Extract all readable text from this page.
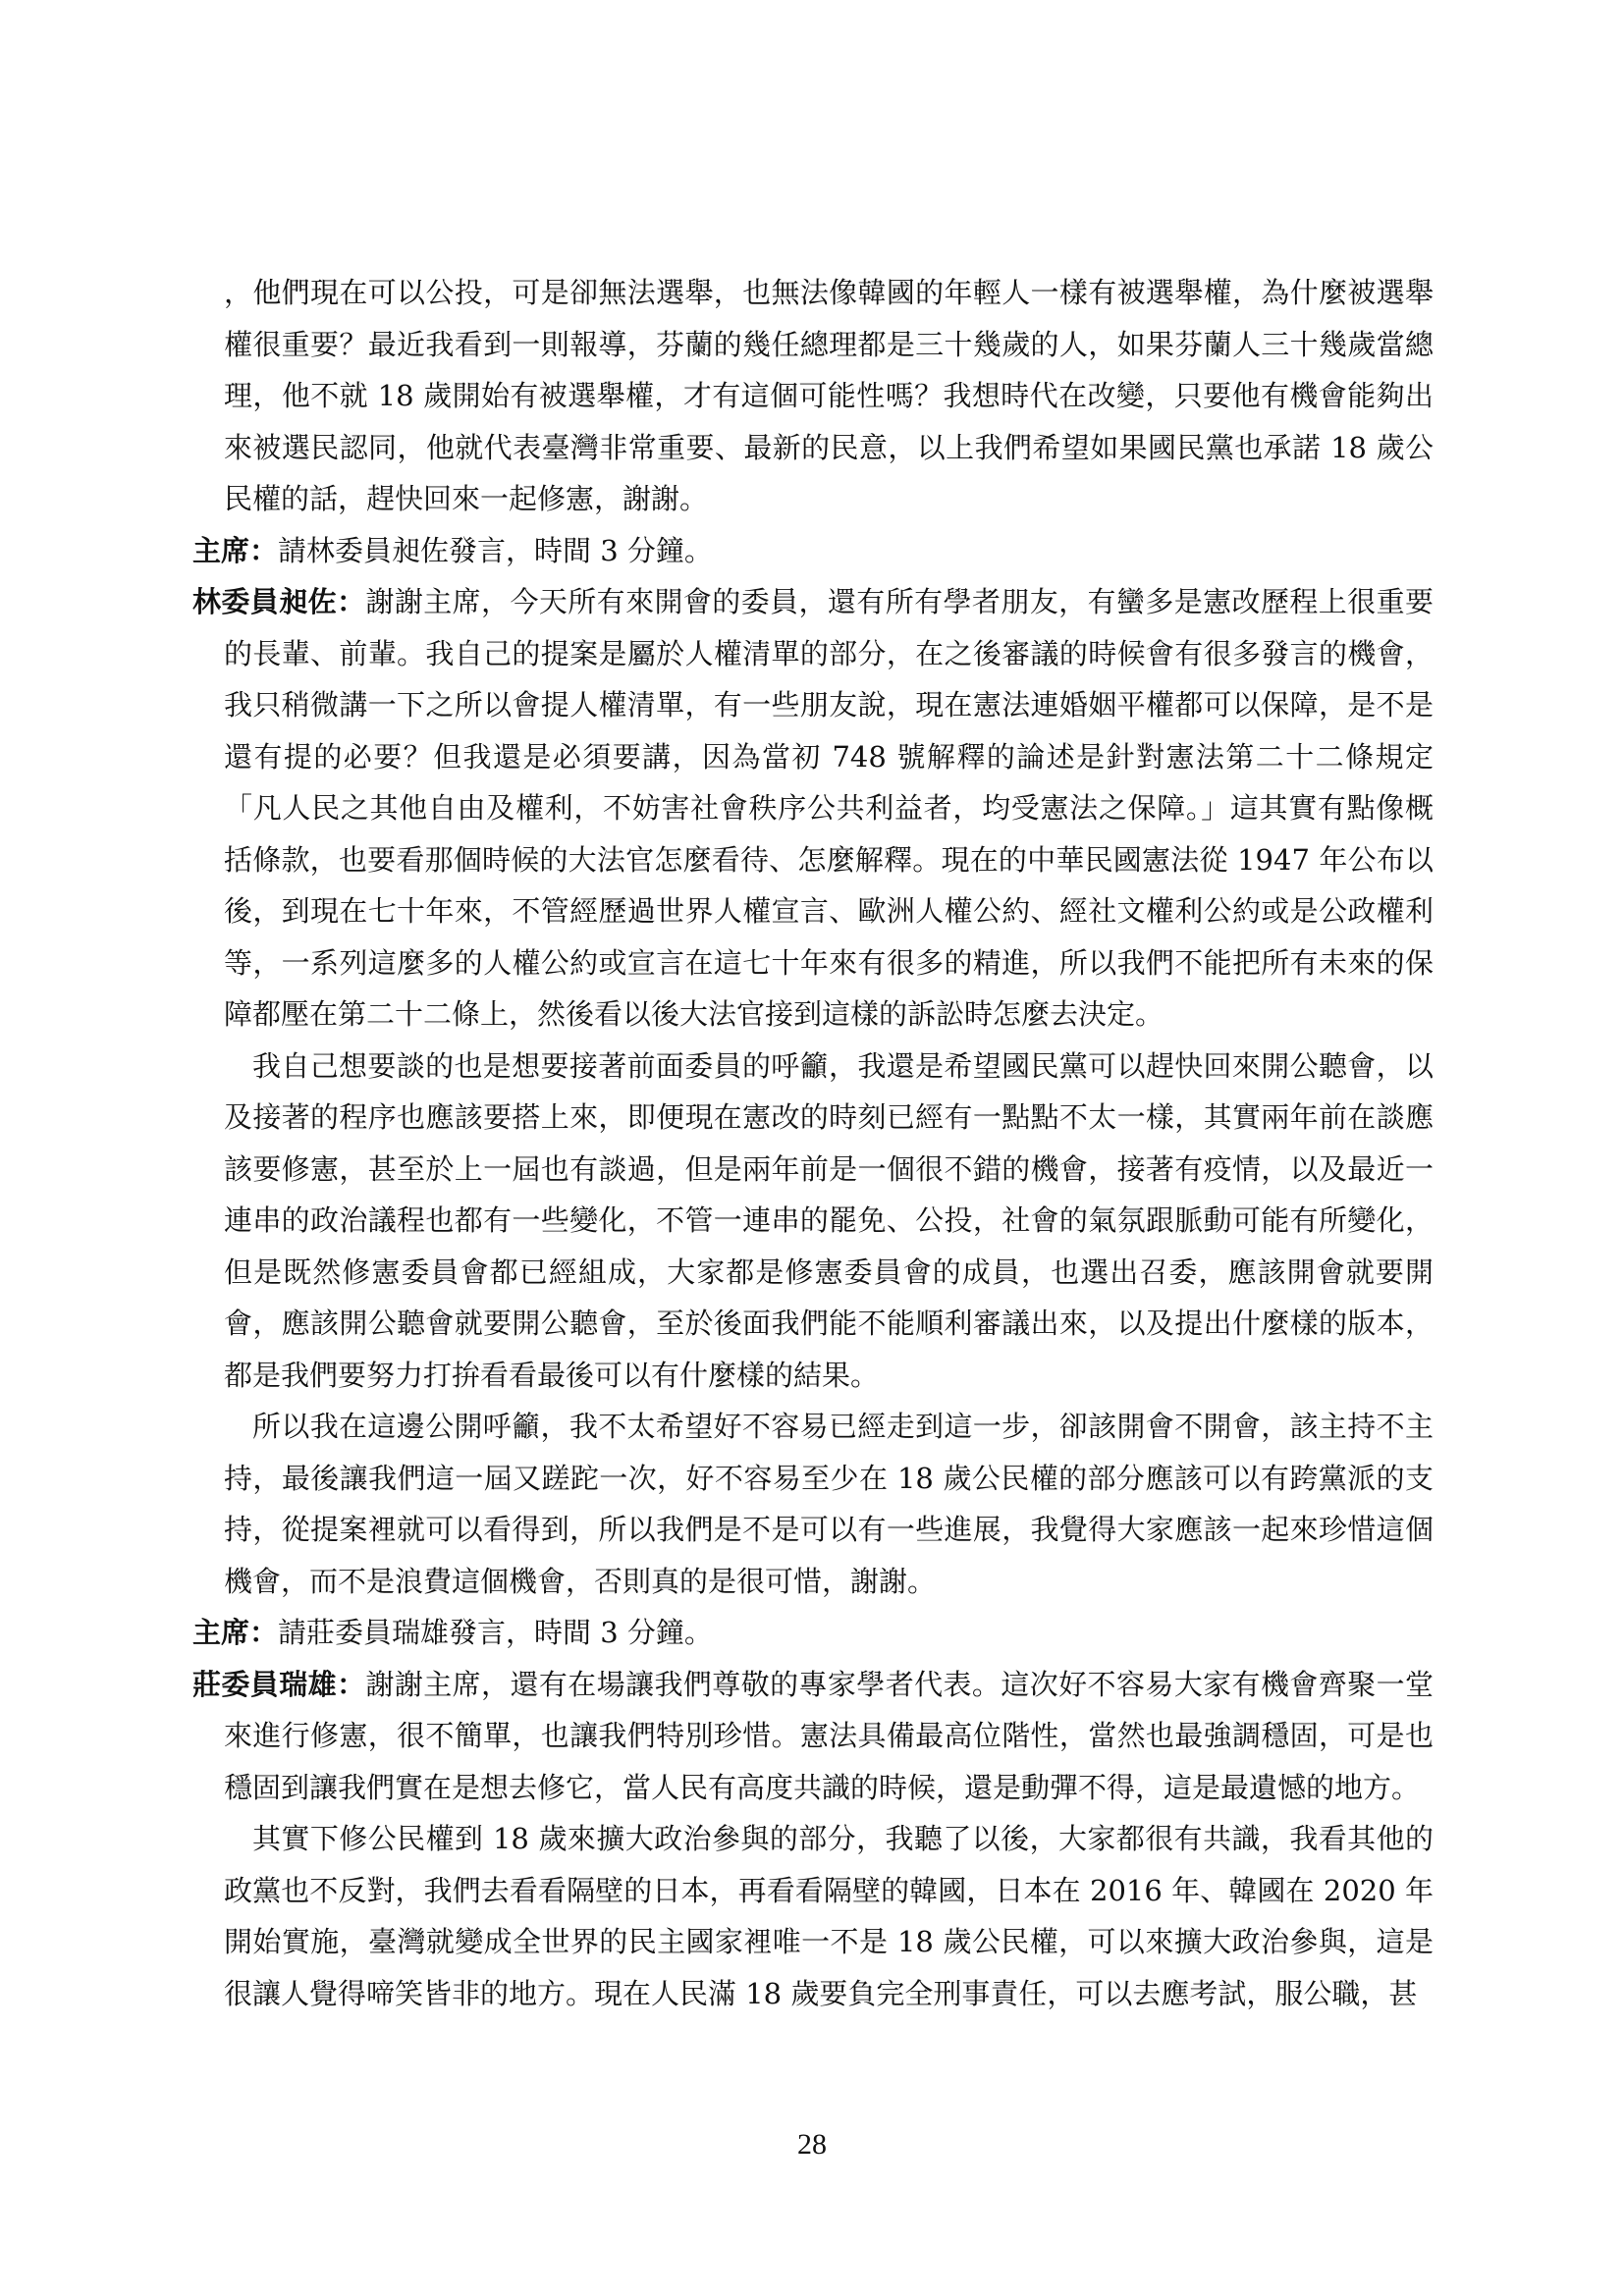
，他們現在可以公投，可是卻無法選舉，也無法像韓國的年輕人一樣有被選舉權，為什麼被選舉權很重要？最近我看到一則報導，芬蘭的幾任總理都是三十幾歲的人，如果芬蘭人三十幾歲當總理，他不就 18 歲開始有被選舉權，才有這個可能性嗎？我想時代在改變，只要他有機會能夠出來被選民認同，他就代表臺灣非常重要、最新的民意，以上我們希望如果國民黨也承諾 18 歲公民權的話，趕快回來一起修憲，謝謝。

主席：請林委員昶佐發言，時間 3 分鐘。

林委員昶佐：謝謝主席，今天所有來開會的委員，還有所有學者朋友，有蠻多是憲改歷程上很重要的長輩、前輩。我自己的提案是屬於人權清單的部分，在之後審議的時候會有很多發言的機會，我只稍微講一下之所以會提人權清單，有一些朋友說，現在憲法連婚姻平權都可以保障，是不是還有提的必要？但我還是必須要講，因為當初 748 號解釋的論述是針對憲法第二十二條規定「凡人民之其他自由及權利，不妨害社會秩序公共利益者，均受憲法之保障。」這其實有點像概括條款，也要看那個時候的大法官怎麼看待、怎麼解釋。現在的中華民國憲法從 1947 年公布以後，到現在七十年來，不管經歷過世界人權宣言、歐洲人權公約、經社文權利公約或是公政權利等，一系列這麼多的人權公約或宣言在這七十年來有很多的精進，所以我們不能把所有未來的保障都壓在第二十二條上，然後看以後大法官接到這樣的訴訟時怎麼去決定。

我自己想要談的也是想要接著前面委員的呼籲，我還是希望國民黨可以趕快回來開公聽會，以及接著的程序也應該要搭上來，即便現在憲改的時刻已經有一點點不太一樣，其實兩年前在談應該要修憲，甚至於上一屆也有談過，但是兩年前是一個很不錯的機會，接著有疫情，以及最近一連串的政治議程也都有一些變化，不管一連串的罷免、公投，社會的氣氛跟脈動可能有所變化，但是既然修憲委員會都已經組成，大家都是修憲委員會的成員，也選出召委，應該開會就要開會，應該開公聽會就要開公聽會，至於後面我們能不能順利審議出來，以及提出什麼樣的版本，都是我們要努力打拚看看最後可以有什麼樣的結果。

所以我在這邊公開呼籲，我不太希望好不容易已經走到這一步，卻該開會不開會，該主持不主持，最後讓我們這一屆又蹉跎一次，好不容易至少在 18 歲公民權的部分應該可以有跨黨派的支持，從提案裡就可以看得到，所以我們是不是可以有一些進展，我覺得大家應該一起來珍惜這個機會，而不是浪費這個機會，否則真的是很可惜，謝謝。

主席：請莊委員瑞雄發言，時間 3 分鐘。

莊委員瑞雄：謝謝主席，還有在場讓我們尊敬的專家學者代表。這次好不容易大家有機會齊聚一堂來進行修憲，很不簡單，也讓我們特別珍惜。憲法具備最高位階性，當然也最強調穩固，可是也穩固到讓我們實在是想去修它，當人民有高度共識的時候，還是動彈不得，這是最遺憾的地方。

其實下修公民權到 18 歲來擴大政治參與的部分，我聽了以後，大家都很有共識，我看其他的政黨也不反對，我們去看看隔壁的日本，再看看隔壁的韓國，日本在 2016 年、韓國在 2020 年開始實施，臺灣就變成全世界的民主國家裡唯一不是 18 歲公民權，可以來擴大政治參與，這是很讓人覺得啼笑皆非的地方。現在人民滿 18 歲要負完全刑事責任，可以去應考試，服公職，甚

28
